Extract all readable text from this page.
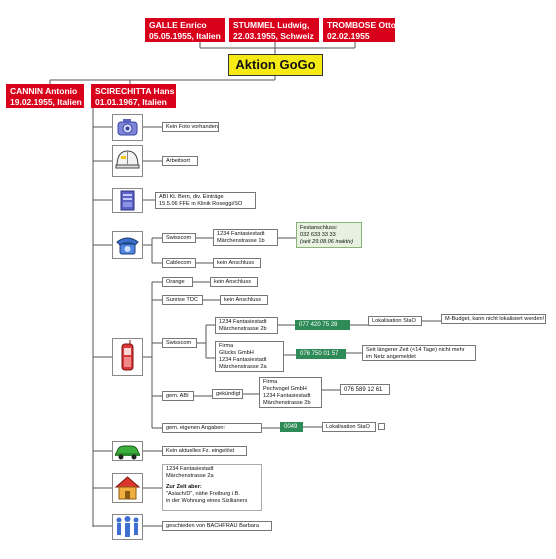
GALLE Enrico
05.05.1955, Italien
STUMMEL Ludwig,
22.03.1955, Schweiz
TROMBOSE Otto
02.02.1955
Aktion GoGo
CANNIN Antonio
19.02.1955, Italien
SCIRECHITTA Hans
01.01.1967, Italien
Kein Foto vorhanden
Arbeitsort
ABI Kt. Bern, div. Einträge
15.5.06 FFE in Klinik Roseggi/SO
Swisscom
1234 Fantasiestadt
Märchenstrasse 1b
Festanschluss:
032 633 33 33
(seit 29.08.06 inaktiv)
Cablecom	kein Anschluss
Orange	kein Anschluss
Sunrise TDC	kein Anschluss
Swisscom
1234 Fantasiestadt
Märchenstrasse 2b
077 420 75 28
Lokalisation StaO	M-Budget, kann nicht lokalisiert werden!
Firma
Glücks GmbH
1234 Fantasiestadt
Märchenstrasse 2a
076 750 01 57
Seit längerer Zeit (<14 Tage) nicht mehr
im Netz angemeldet
gem. ABI	gekündigt
Firma
Pechvogel GmbH
1234 Fantasiestadt
Märchenstrasse 2b
076 589 12 61
gem. eigenen Angaben:	0049	Lokalisation StaO
Kein aktuelles Fz. eingelöst
1234 Fantasiestadt
Märchenstrasse 2a
Zur Zeit aber:
"Asiach/D", nähe Freiburg i.B.
in der Wohnung eines Sizilianers
geschieden von BACHFRAU Barbara
